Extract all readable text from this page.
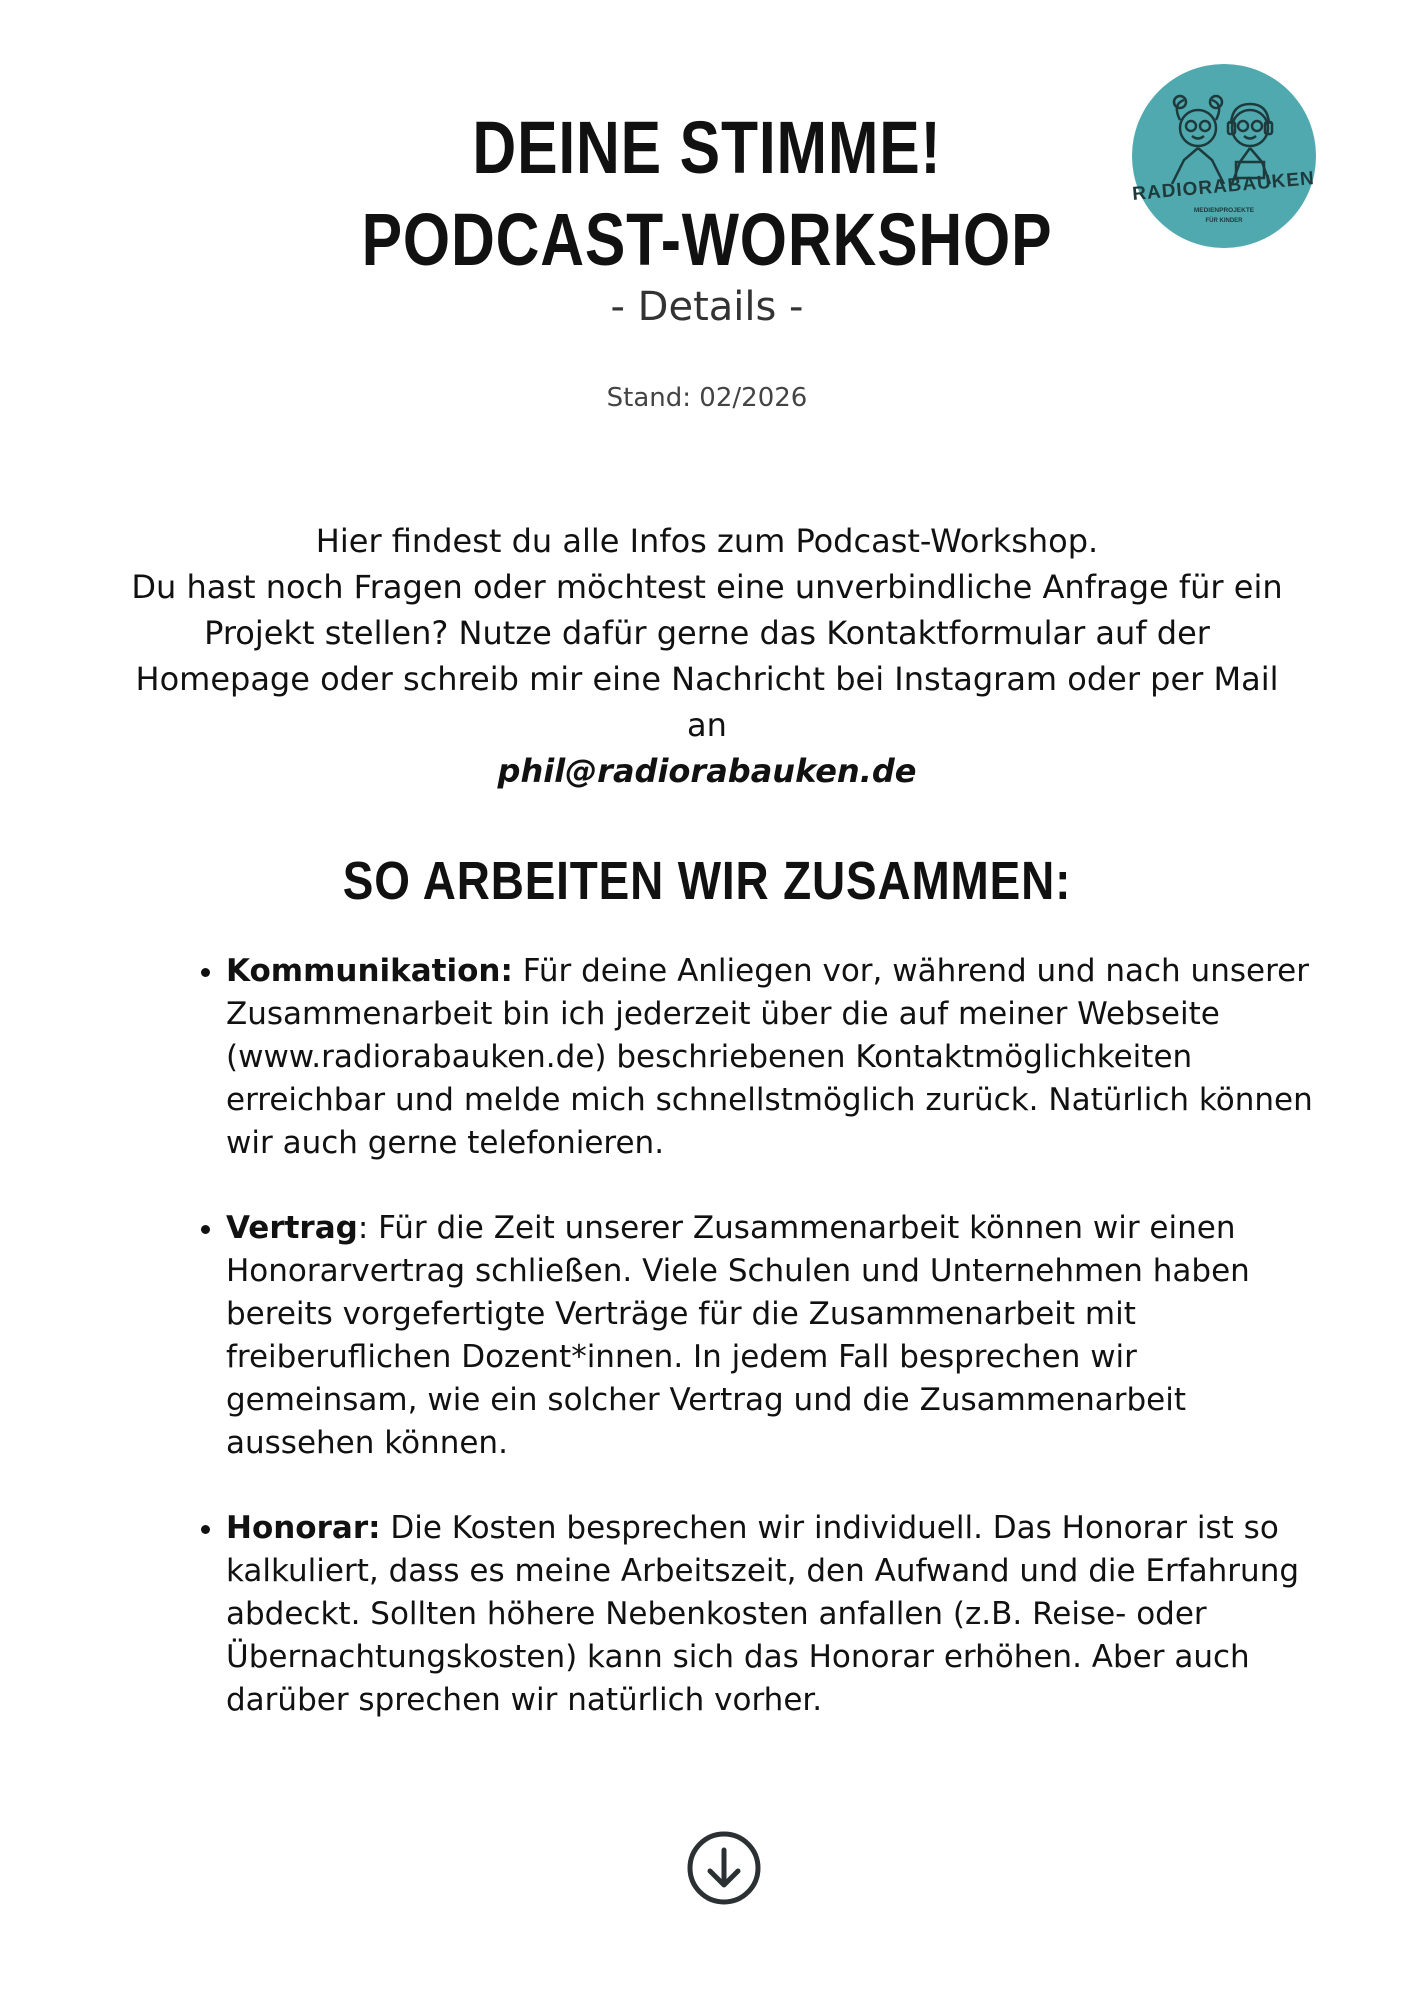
DEINE STIMME!
PODCAST-WORKSHOP
- Details -
Stand: 02/2026
RADIORABAUKEN
MEDIENPROJEKTE
FÜR KINDER

Hier findest du alle Infos zum Podcast-Workshop.

Du hast noch Fragen oder möchtest eine unverbindliche Anfrage für ein Projekt stellen? Nutze dafür gerne das Kontaktformular auf der Homepage oder schreib mir eine Nachricht bei Instagram oder per Mail an

phil@radiorabauken.de

SO ARBEITEN WIR ZUSAMMEN:
• Kommunikation: Für deine Anliegen vor, während und nach unserer Zusammenarbeit bin ich jederzeit über die auf meiner Webseite (www.radiorabauken.de) beschriebenen Kontaktmöglichkeiten erreichbar und melde mich schnellstmöglich zurück. Natürlich können wir auch gerne telefonieren.
• Vertrag: Für die Zeit unserer Zusammenarbeit können wir einen Honorarvertrag schließen. Viele Schulen und Unternehmen haben bereits vorgefertigte Verträge für die Zusammenarbeit mit freiberuflichen Dozent*innen. In jedem Fall besprechen wir gemeinsam, wie ein solcher Vertrag und die Zusammenarbeit aussehen können.
• Honorar: Die Kosten besprechen wir individuell. Das Honorar ist so kalkuliert, dass es meine Arbeitszeit, den Aufwand und die Erfahrung abdeckt. Sollten höhere Nebenkosten anfallen (z.B. Reise- oder Übernachtungskosten) kann sich das Honorar erhöhen. Aber auch darüber sprechen wir natürlich vorher.
